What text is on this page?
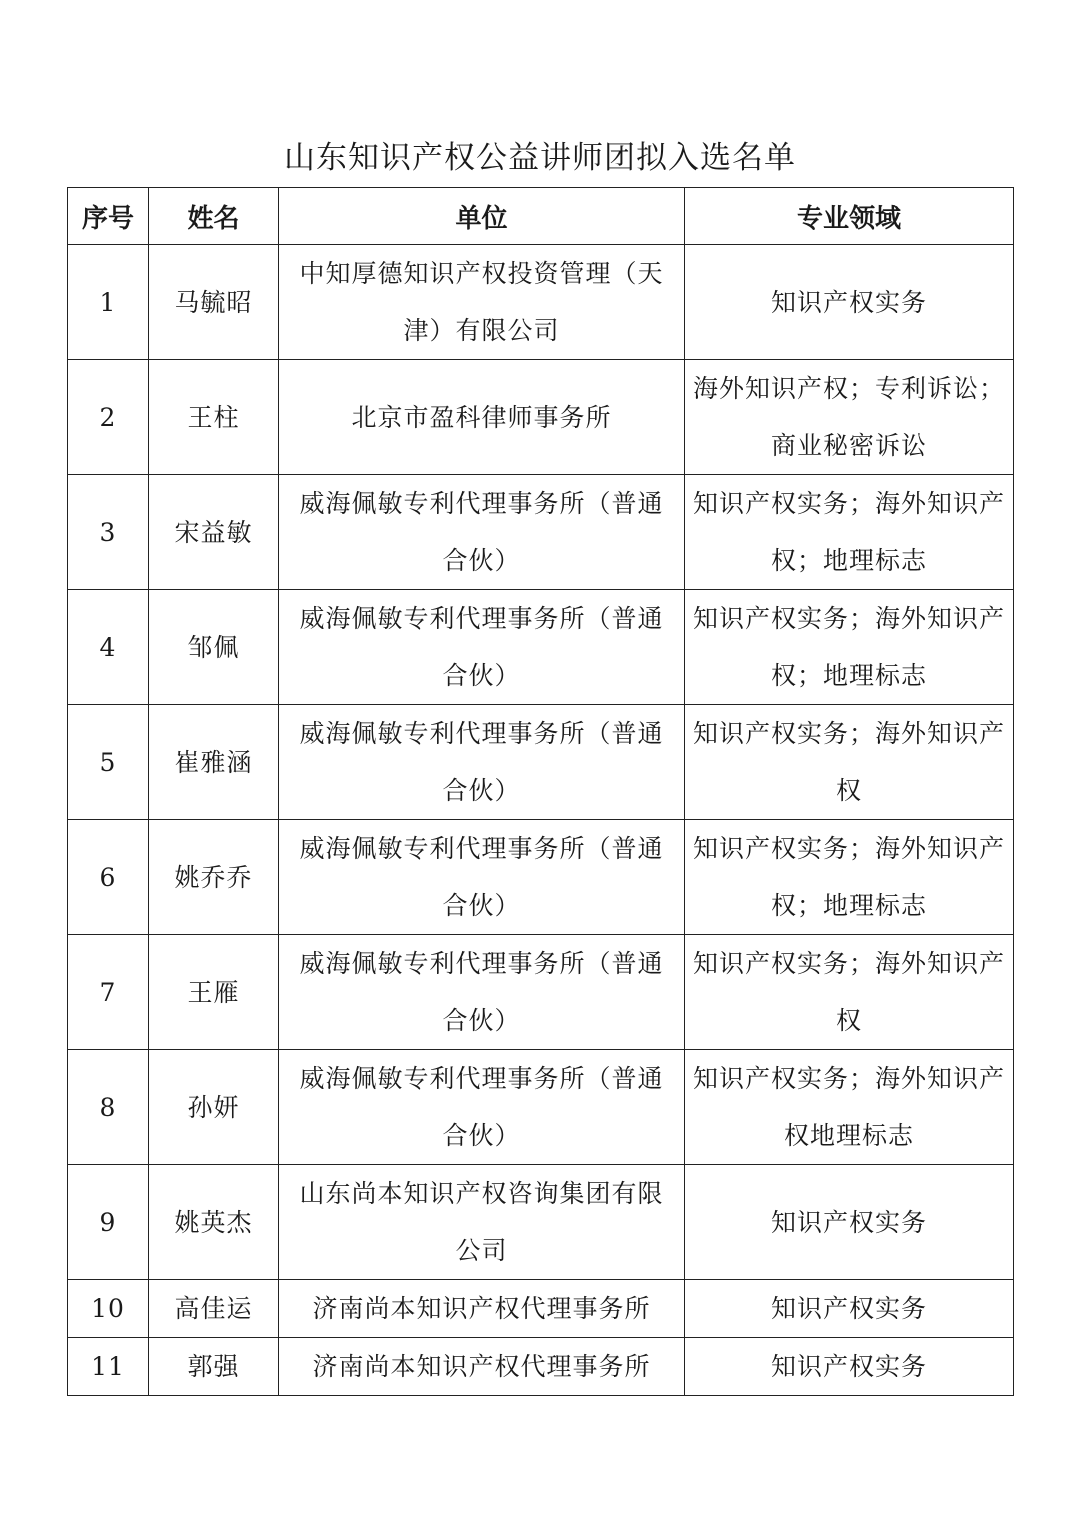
山东知识产权公益讲师团拟入选名单
序号	姓名	单位	专业领域
1	马毓昭	中知厚德知识产权投资管理（天津）有限公司	知识产权实务
2	王柱	北京市盈科律师事务所	海外知识产权；专利诉讼；商业秘密诉讼
3	宋益敏	威海佩敏专利代理事务所（普通合伙）	知识产权实务；海外知识产权；地理标志
4	邹佩	威海佩敏专利代理事务所（普通合伙）	知识产权实务；海外知识产权；地理标志
5	崔雅涵	威海佩敏专利代理事务所（普通合伙）	知识产权实务；海外知识产权
6	姚乔乔	威海佩敏专利代理事务所（普通合伙）	知识产权实务；海外知识产权；地理标志
7	王雁	威海佩敏专利代理事务所（普通合伙）	知识产权实务；海外知识产权
8	孙妍	威海佩敏专利代理事务所（普通合伙）	知识产权实务；海外知识产权地理标志
9	姚英杰	山东尚本知识产权咨询集团有限公司	知识产权实务
10	高佳运	济南尚本知识产权代理事务所	知识产权实务
11	郭强	济南尚本知识产权代理事务所	知识产权实务
